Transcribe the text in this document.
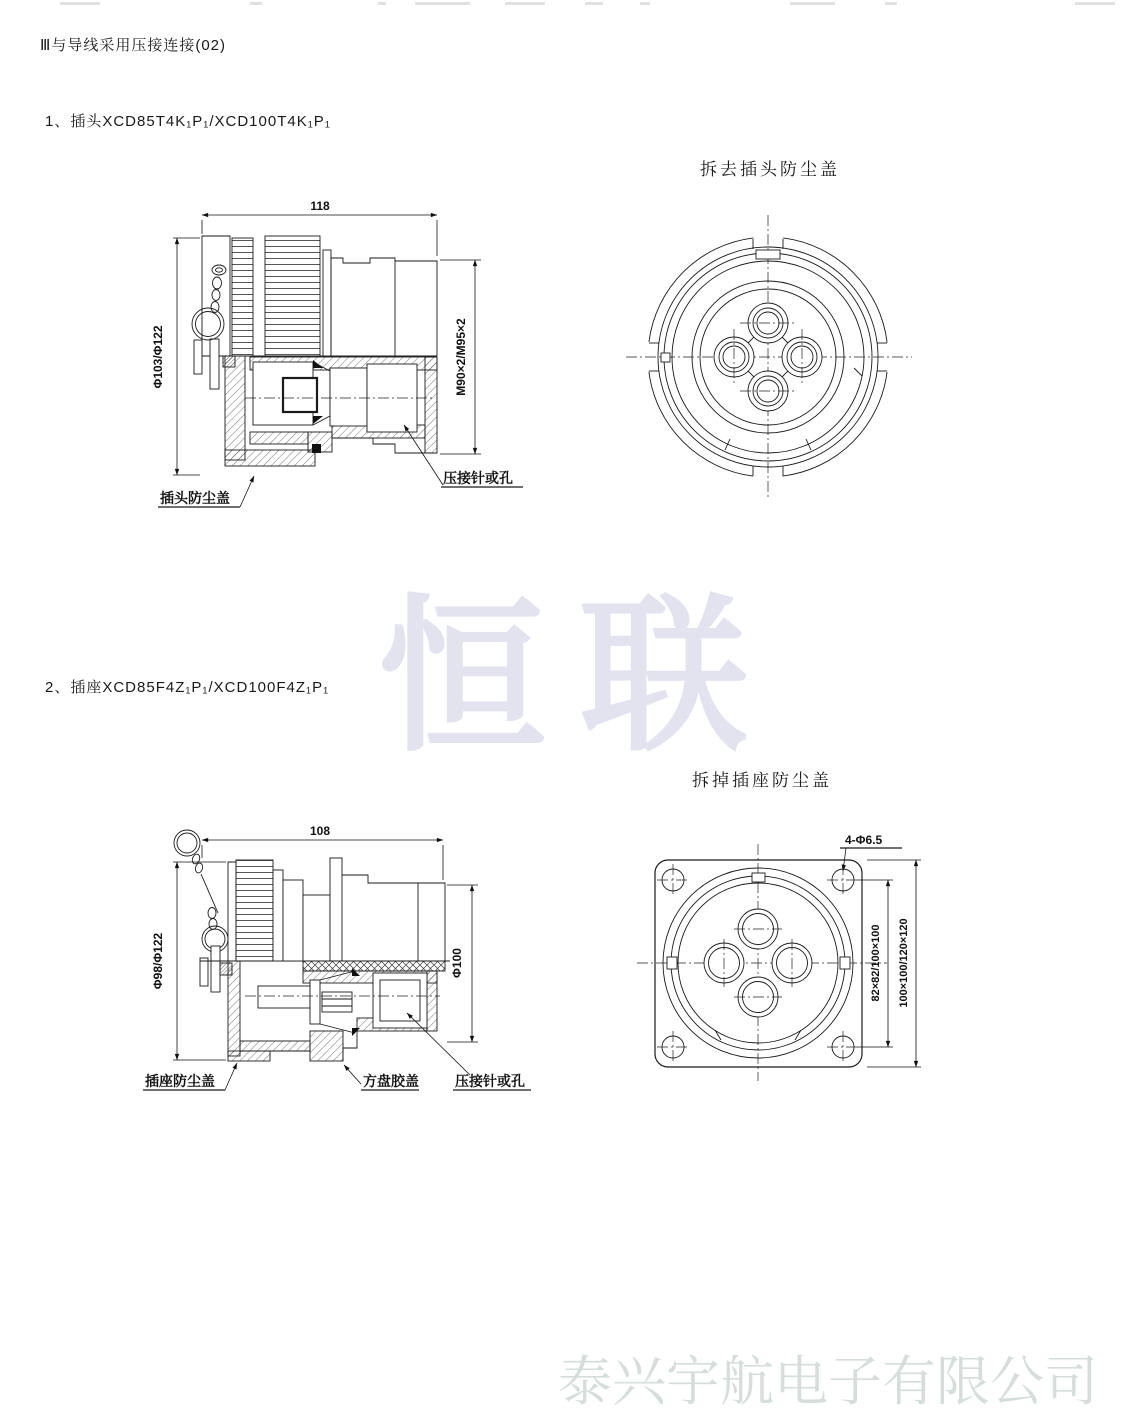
恒联
泰兴宇航电子有限公司
Ⅲ与导线采用压接连接(02)
1、插头XCD85T4K₁P₁/XCD100T4K₁P₁
拆去插头防尘盖
2、插座XCD85F4Z₁P₁/XCD100F4Z₁P₁
拆掉插座防尘盖
118
Φ103/Φ122	M90×2/M95×2
插头防尘盖
压接针或孔
108
Φ98/Φ122	Φ100
插座防尘盖	方盘胶盖	压接针或孔
4-Φ6.5
82×82/100×100 100×100/120×120
